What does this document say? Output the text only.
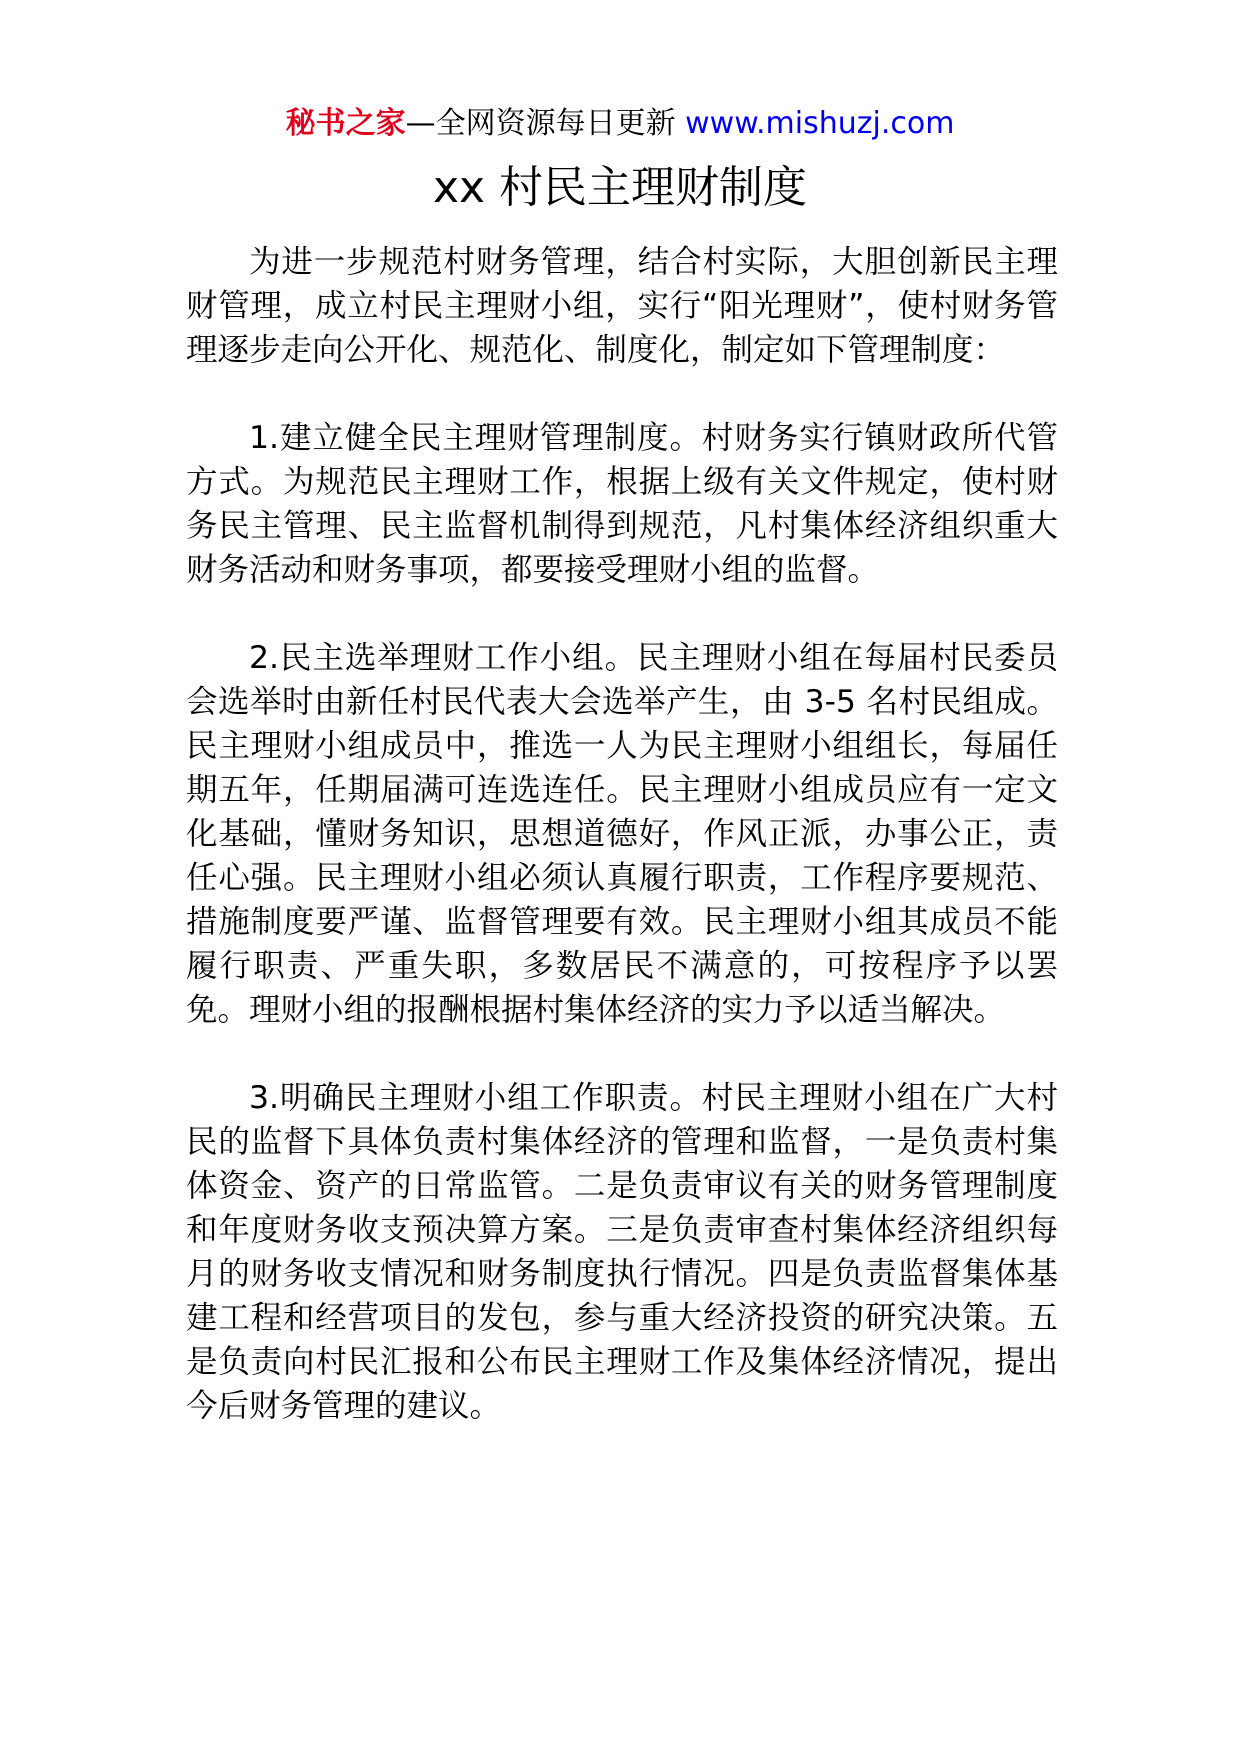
秘书之家—全网资源每日更新 www.mishuzj.com
xx 村民主理财制度

为进一步规范村财务管理，结合村实际，大胆创新民主理财管理，成立村民主理财小组，实行“阳光理财”，使村财务管理逐步走向公开化、规范化、制度化，制定如下管理制度：

1.建立健全民主理财管理制度。村财务实行镇财政所代管方式。为规范民主理财工作，根据上级有关文件规定，使村财务民主管理、民主监督机制得到规范，凡村集体经济组织重大财务活动和财务事项，都要接受理财小组的监督。

2.民主选举理财工作小组。民主理财小组在每届村民委员会选举时由新任村民代表大会选举产生，由 3-5 名村民组成。民主理财小组成员中，推选一人为民主理财小组组长，每届任期五年，任期届满可连选连任。民主理财小组成员应有一定文化基础，懂财务知识，思想道德好，作风正派，办事公正，责任心强。民主理财小组必须认真履行职责，工作程序要规范、措施制度要严谨、监督管理要有效。民主理财小组其成员不能履行职责、严重失职，多数居民不满意的，可按程序予以罢免。理财小组的报酬根据村集体经济的实力予以适当解决。

3.明确民主理财小组工作职责。村民主理财小组在广大村民的监督下具体负责村集体经济的管理和监督，一是负责村集体资金、资产的日常监管。二是负责审议有关的财务管理制度和年度财务收支预决算方案。三是负责审查村集体经济组织每月的财务收支情况和财务制度执行情况。四是负责监督集体基建工程和经营项目的发包，参与重大经济投资的研究决策。五是负责向村民汇报和公布民主理财工作及集体经济情况，提出今后财务管理的建议。
